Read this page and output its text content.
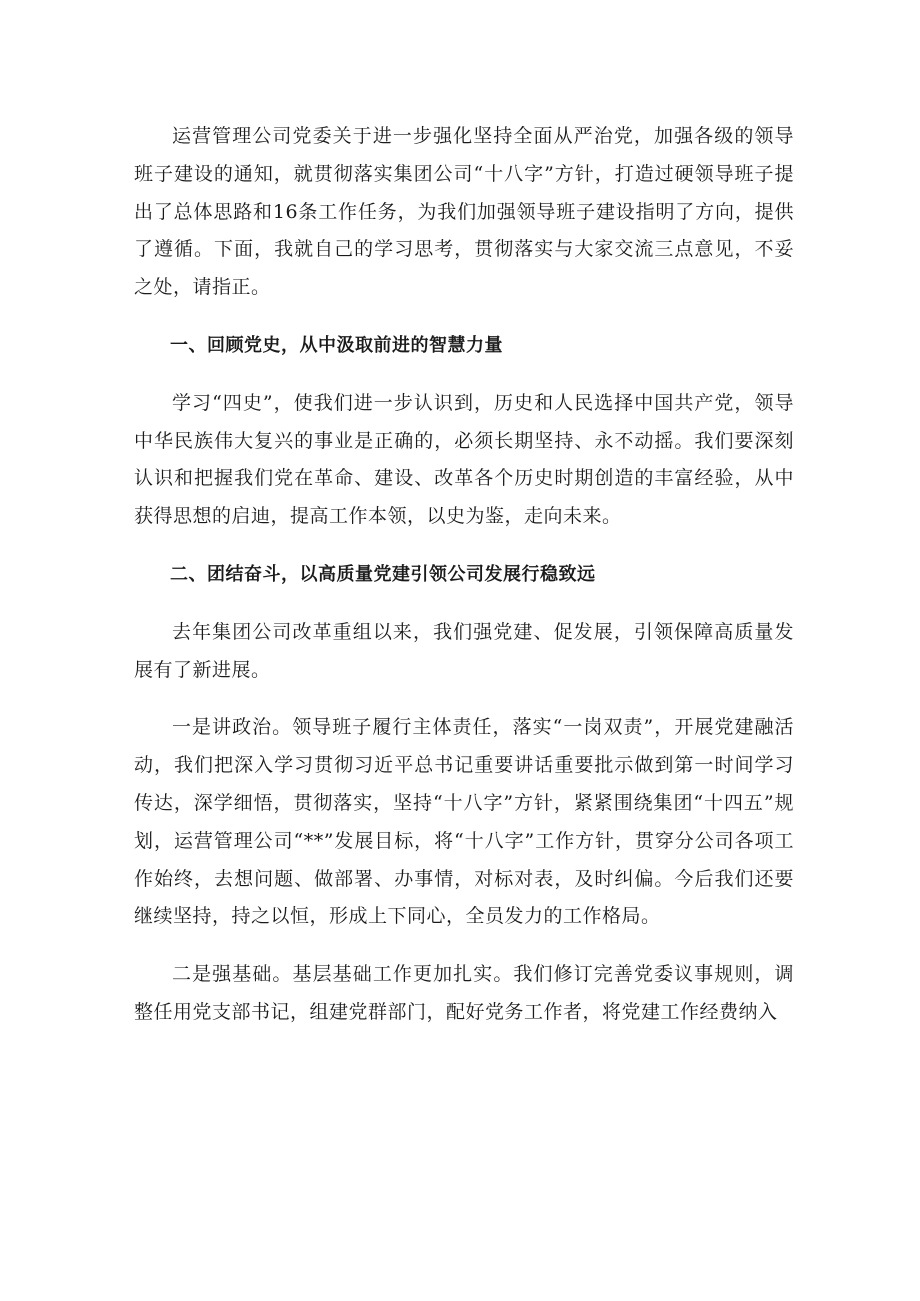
运营管理公司党委关于进一步强化坚持全面从严治党，加强各级的领导班子建设的通知，就贯彻落实集团公司“十八字”方针，打造过硬领导班子提出了总体思路和16条工作任务，为我们加强领导班子建设指明了方向，提供了遵循。下面，我就自己的学习思考，贯彻落实与大家交流三点意见，不妥之处，请指正。

一、回顾党史，从中汲取前进的智慧力量

学习“四史”，使我们进一步认识到，历史和人民选择中国共产党，领导中华民族伟大复兴的事业是正确的，必须长期坚持、永不动摇。我们要深刻认识和把握我们党在革命、建设、改革各个历史时期创造的丰富经验，从中获得思想的启迪，提高工作本领，以史为鉴，走向未来。

二、团结奋斗，以高质量党建引领公司发展行稳致远

去年集团公司改革重组以来，我们强党建、促发展，引领保障高质量发展有了新进展。

一是讲政治。领导班子履行主体责任，落实“一岗双责”，开展党建融活动，我们把深入学习贯彻习近平总书记重要讲话重要批示做到第一时间学习传达，深学细悟，贯彻落实，坚持“十八字”方针，紧紧围绕集团“十四五”规划，运营管理公司“**”发展目标，将“十八字”工作方针，贯穿分公司各项工作始终，去想问题、做部署、办事情，对标对表，及时纠偏。今后我们还要继续坚持，持之以恒，形成上下同心，全员发力的工作格局。

二是强基础。基层基础工作更加扎实。我们修订完善党委议事规则，调整任用党支部书记，组建党群部门，配好党务工作者，将党建工作经费纳入
